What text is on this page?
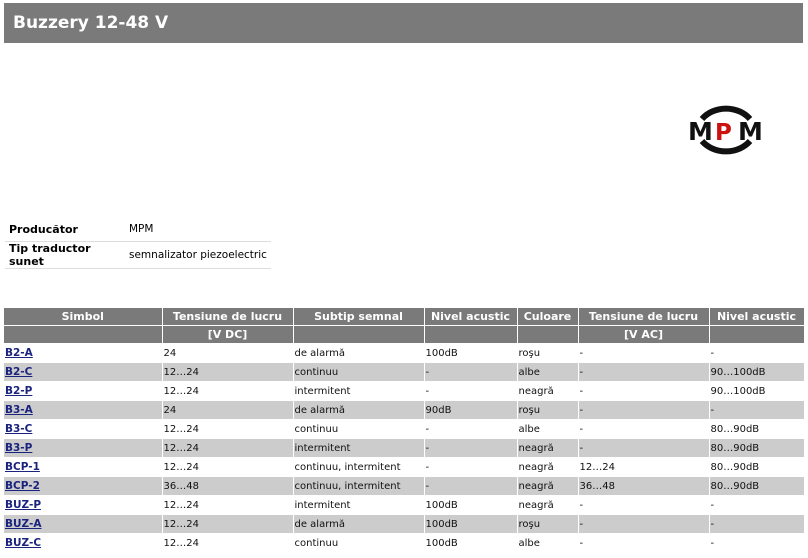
Buzzery 12-48 V
M P M
Producător	MPM
Tip traductor sunet	semnalizator piezoelectric
Simbol	Tensiune de lucru	Subtip semnal	Nivel acustic	Culoare	Tensiune de lucru	Nivel acustic
	[V DC]				[V AC]	
B2-A	24	de alarmă	100dB	roşu	-	-
B2-C	12…24	continuu	-	albe	-	90…100dB
B2-P	12…24	intermitent	-	neagră	-	90…100dB
B3-A	24	de alarmă	90dB	roşu	-	-
B3-C	12…24	continuu	-	albe	-	80…90dB
B3-P	12…24	intermitent	-	neagră	-	80…90dB
BCP-1	12…24	continuu, intermitent	-	neagră	12…24	80…90dB
BCP-2	36…48	continuu, intermitent	-	neagră	36…48	80…90dB
BUZ-P	12…24	intermitent	100dB	neagră	-	-
BUZ-A	12…24	de alarmă	100dB	roşu	-	-
BUZ-C	12…24	continuu	100dB	albe	-	-
